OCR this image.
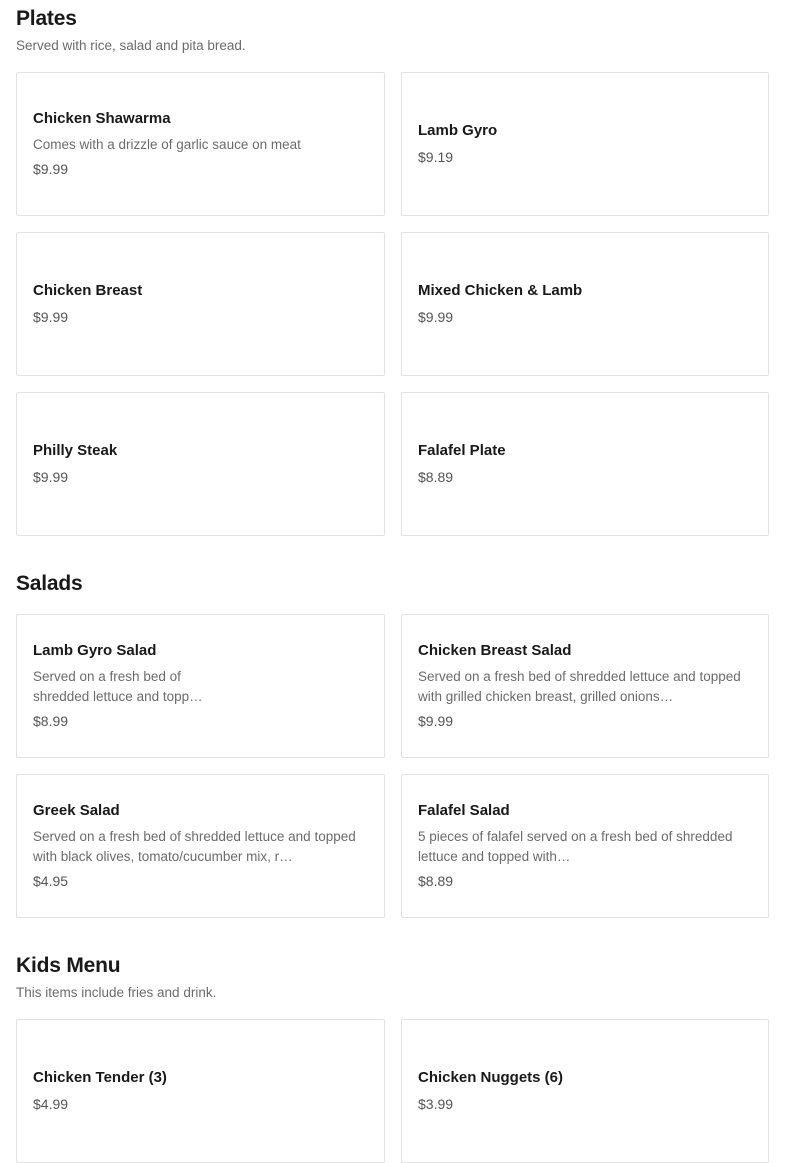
Plates
Served with rice, salad and pita bread.
Chicken Shawarma
Comes with a drizzle of garlic sauce on meat
$9.99
Lamb Gyro
$9.19
Chicken Breast
$9.99
Mixed Chicken & Lamb
$9.99
Philly Steak
$9.99
Falafel Plate
$8.89
Salads
Lamb Gyro Salad
Served on a fresh bed of shredded lettuce and topp…
$8.99
Chicken Breast Salad
Served on a fresh bed of shredded lettuce and topped with grilled chicken breast, grilled onions…
$9.99
Greek Salad
Served on a fresh bed of shredded lettuce and topped with black olives, tomato/cucumber mix, r…
$4.95
Falafel Salad
5 pieces of falafel served on a fresh bed of shredded lettuce and topped with…
$8.89
Kids Menu
This items include fries and drink.
Chicken Tender (3)
$4.99
Chicken Nuggets (6)
$3.99
